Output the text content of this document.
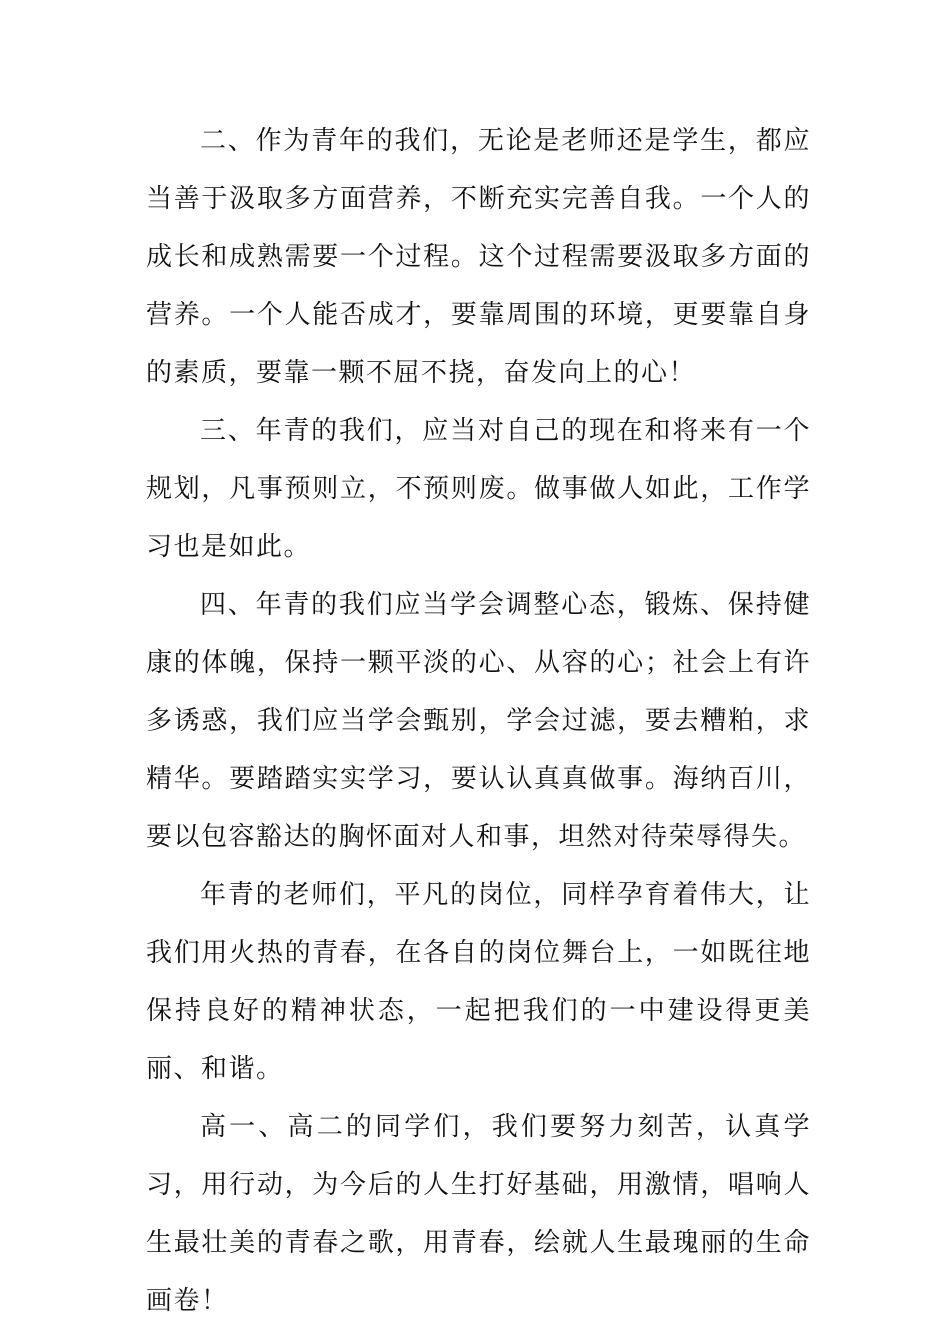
二、作为青年的我们，无论是老师还是学生，都应当善于汲取多方面营养，不断充实完善自我。一个人的成长和成熟需要一个过程。这个过程需要汲取多方面的营养。一个人能否成才，要靠周围的环境，更要靠自身的素质，要靠一颗不屈不挠，奋发向上的心！

三、年青的我们，应当对自己的现在和将来有一个规划，凡事预则立，不预则废。做事做人如此，工作学习也是如此。

四、年青的我们应当学会调整心态，锻炼、保持健康的体魄，保持一颗平淡的心、从容的心；社会上有许多诱惑，我们应当学会甄别，学会过滤，要去糟粕，求精华。要踏踏实实学习，要认认真真做事。海纳百川，要以包容豁达的胸怀面对人和事，坦然对待荣辱得失。

年青的老师们，平凡的岗位，同样孕育着伟大，让我们用火热的青春，在各自的岗位舞台上，一如既往地保持良好的精神状态，一起把我们的一中建设得更美丽、和谐。

高一、高二的同学们，我们要努力刻苦，认真学习，用行动，为今后的人生打好基础，用激情，唱响人生最壮美的青春之歌，用青春，绘就人生最瑰丽的生命画卷！
